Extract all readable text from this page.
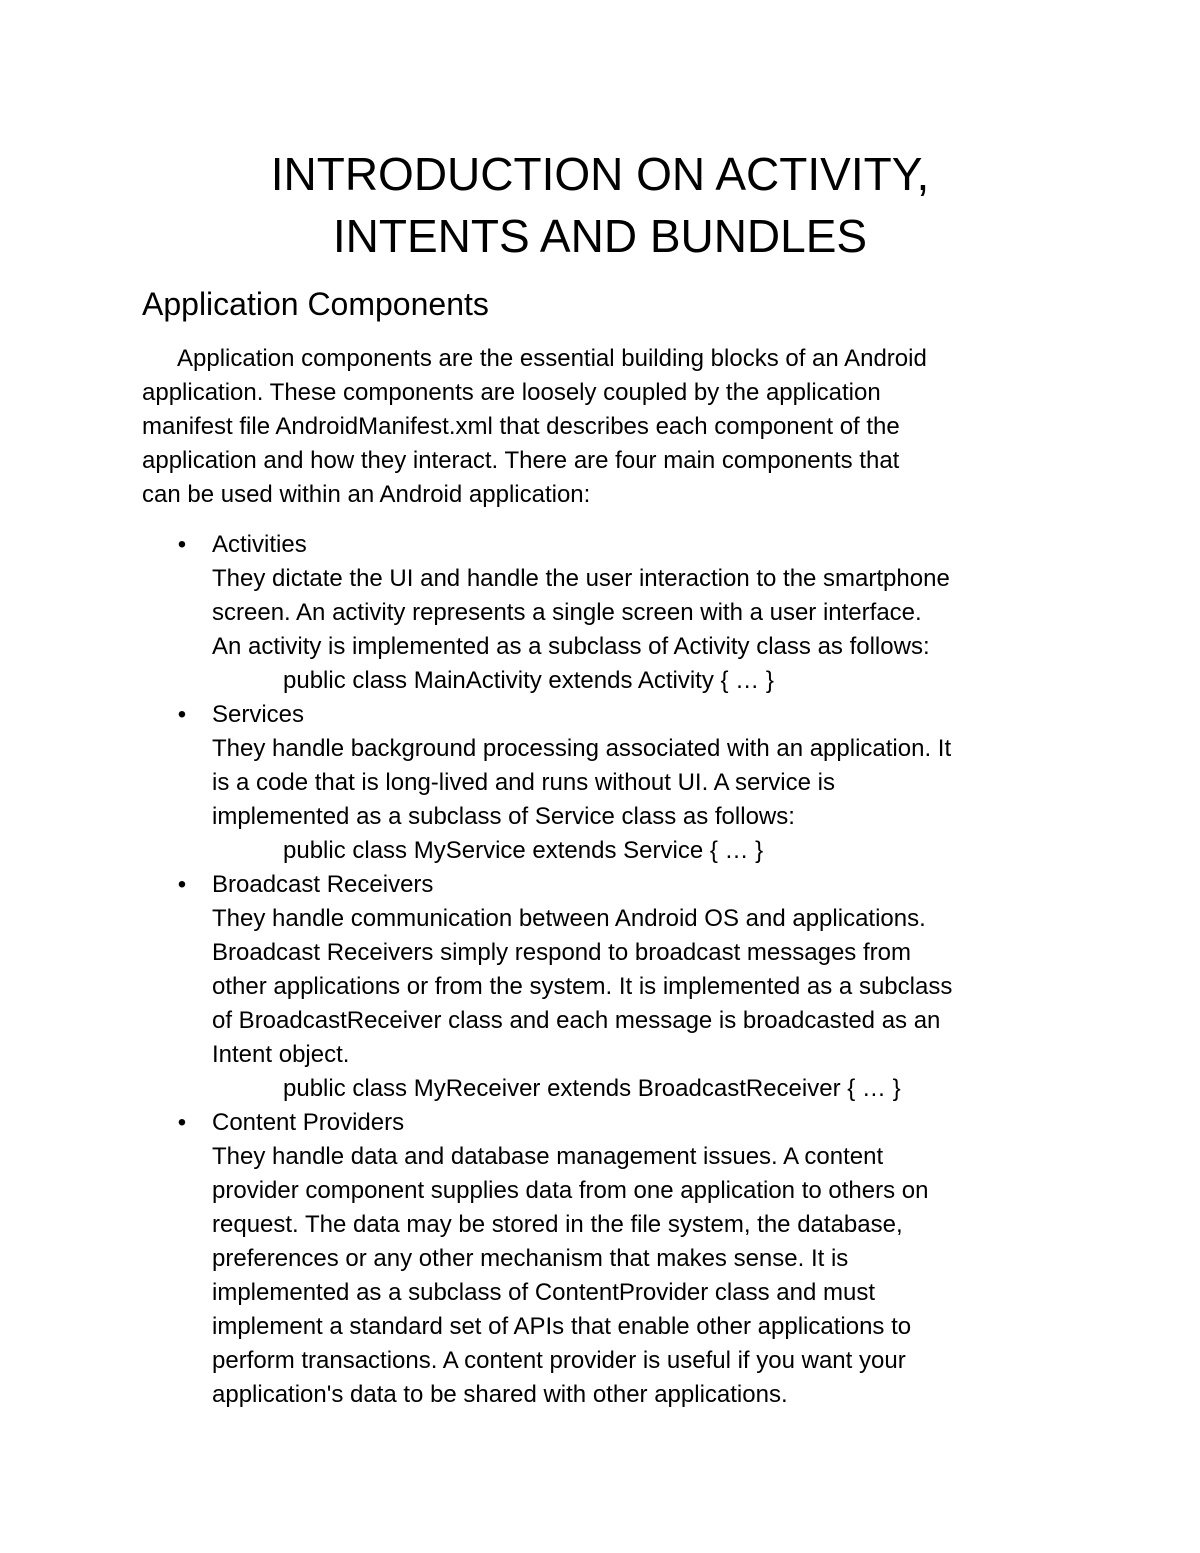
INTRODUCTION ON ACTIVITY,
INTENTS AND BUNDLES
Application Components

Application components are the essential building blocks of an Android
application. These components are loosely coupled by the application
manifest file AndroidManifest.xml that describes each component of the
application and how they interact. There are four main components that
can be used within an Android application:

• Activities
They dictate the UI and handle the user interaction to the smartphone
screen. An activity represents a single screen with a user interface.
An activity is implemented as a subclass of Activity class as follows:
public class MainActivity extends Activity { … }
• Services
They handle background processing associated with an application. It
is a code that is long-lived and runs without UI. A service is
implemented as a subclass of Service class as follows:
public class MyService extends Service { … }
• Broadcast Receivers
They handle communication between Android OS and applications.
Broadcast Receivers simply respond to broadcast messages from
other applications or from the system. It is implemented as a subclass
of BroadcastReceiver class and each message is broadcasted as an
Intent object.
public class MyReceiver extends BroadcastReceiver { … }
• Content Providers
They handle data and database management issues. A content
provider component supplies data from one application to others on
request. The data may be stored in the file system, the database,
preferences or any other mechanism that makes sense. It is
implemented as a subclass of ContentProvider class and must
implement a standard set of APIs that enable other applications to
perform transactions. A content provider is useful if you want your
application's data to be shared with other applications.
